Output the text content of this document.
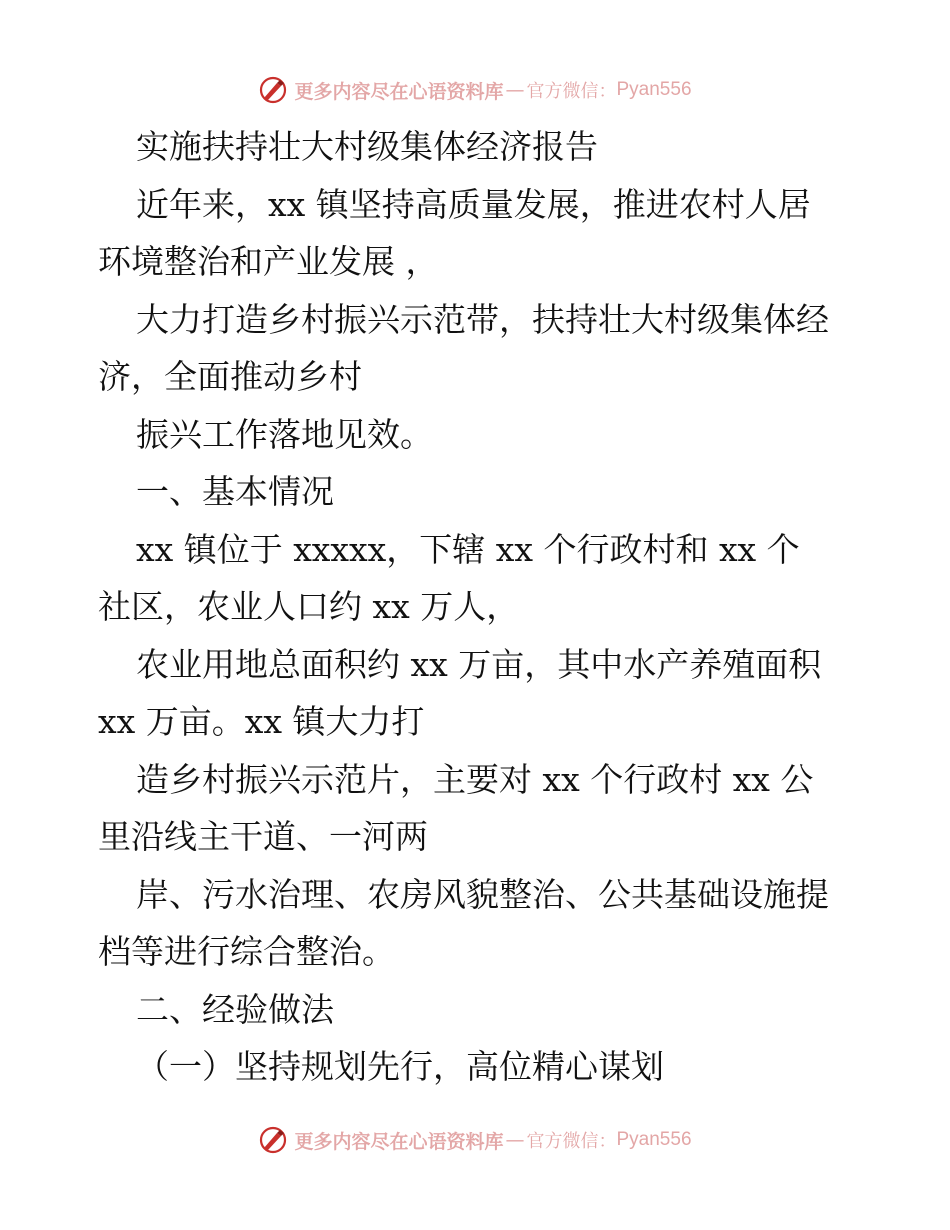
更多内容尽在心语资料库 — 官方微信： Pyan556
实施扶持壮大村级集体经济报告
近年来，xx 镇坚持高质量发展，推进农村人居
环境整治和产业发展 ，
大力打造乡村振兴示范带，扶持壮大村级集体经
济，全面推动乡村
振兴工作落地见效。
一、基本情况
xx 镇位于 xxxxx，下辖 xx 个行政村和 xx 个
社区，农业人口约 xx 万人，
农业用地总面积约 xx 万亩，其中水产养殖面积
xx 万亩。xx 镇大力打
造乡村振兴示范片，主要对 xx 个行政村 xx 公
里沿线主干道、一河两
岸、污水治理、农房风貌整治、公共基础设施提
档等进行综合整治。
二、经验做法
（一）坚持规划先行，高位精心谋划
更多内容尽在心语资料库 — 官方微信： Pyan556
